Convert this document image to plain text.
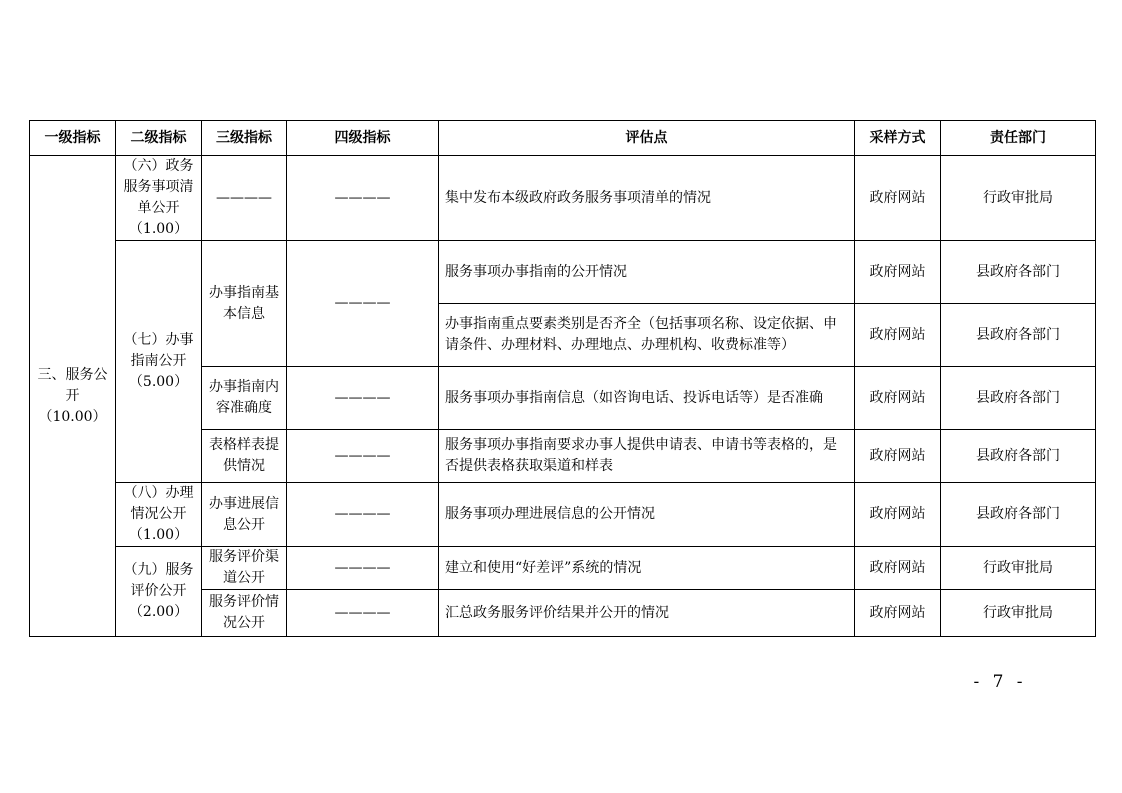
一级指标	二级指标	三级指标	四级指标	评估点	采样方式	责任部门
三、服务公开（10.00）	（六）政务服务事项清单公开（1.00）	————	————	集中发布本级政府政务服务事项清单的情况	政府网站	行政审批局
	（七）办事指南公开（5.00）	办事指南基本信息	————	服务事项办事指南的公开情况	政府网站	县政府各部门
				办事指南重点要素类别是否齐全（包括事项名称、设定依据、申请条件、办理材料、办理地点、办理机构、收费标准等）	政府网站	县政府各部门
		办事指南内容准确度	————	服务事项办事指南信息（如咨询电话、投诉电话等）是否准确	政府网站	县政府各部门
		表格样表提供情况	————	服务事项办事指南要求办事人提供申请表、申请书等表格的，是否提供表格获取渠道和样表	政府网站	县政府各部门
	（八）办理情况公开（1.00）	办事进展信息公开	————	服务事项办理进展信息的公开情况	政府网站	县政府各部门
	（九）服务评价公开（2.00）	服务评价渠道公开	————	建立和使用“好差评”系统的情况	政府网站	行政审批局
		服务评价情况公开	————	汇总政务服务评价结果并公开的情况	政府网站	行政审批局
- 7 -
